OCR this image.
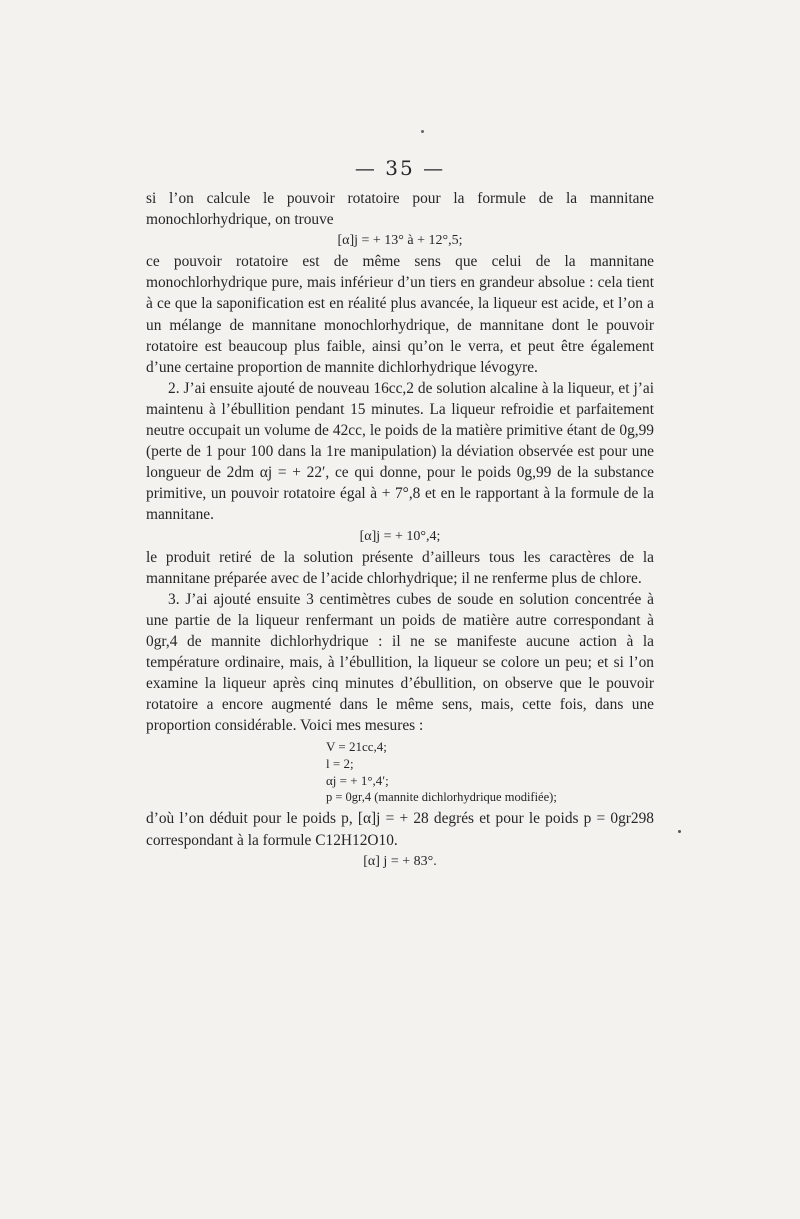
— 35 —

si l’on calcule le pouvoir rotatoire pour la formule de la mannitane monochlorhydrique, on trouve

[α]j = + 13° à + 12°,5;

ce pouvoir rotatoire est de même sens que celui de la mannitane monochlorhydrique pure, mais inférieur d’un tiers en grandeur absolue : cela tient à ce que la saponification est en réalité plus avancée, la liqueur est acide, et l’on a un mélange de mannitane monochlorhydrique, de mannitane dont le pouvoir rotatoire est beaucoup plus faible, ainsi qu’on le verra, et peut être également d’une certaine proportion de mannite dichlorhydrique lévogyre.

2. J’ai ensuite ajouté de nouveau 16cc,2 de solution alcaline à la liqueur, et j’ai maintenu à l’ébullition pendant 15 minutes. La liqueur refroidie et parfaitement neutre occupait un volume de 42cc, le poids de la matière primitive étant de 0g,99 (perte de 1 pour 100 dans la 1re manipulation) la déviation observée est pour une longueur de 2dm αj = + 22′, ce qui donne, pour le poids 0g,99 de la substance primitive, un pouvoir rotatoire égal à + 7°,8 et en le rapportant à la formule de la mannitane.

[α]j = + 10°,4;

le produit retiré de la solution présente d’ailleurs tous les caractères de la mannitane préparée avec de l’acide chlorhydrique; il ne renferme plus de chlore.

3. J’ai ajouté ensuite 3 centimètres cubes de soude en solution concentrée à une partie de la liqueur renfermant un poids de matière autre correspondant à 0gr,4 de mannite dichlorhydrique : il ne se manifeste aucune action à la température ordinaire, mais, à l’ébullition, la liqueur se colore un peu; et si l’on examine la liqueur après cinq minutes d’ébullition, on observe que le pouvoir rotatoire a encore augmenté dans le même sens, mais, cette fois, dans une proportion considérable. Voici mes mesures :

V = 21cc,4;
l = 2;
αj = + 1°,4′;
p = 0gr,4 (mannite dichlorhydrique modifiée);

d’où l’on déduit pour le poids p, [α]j = + 28 degrés et pour le poids p = 0gr298 correspondant à la formule C12H12O10.

[α] j = + 83°.
